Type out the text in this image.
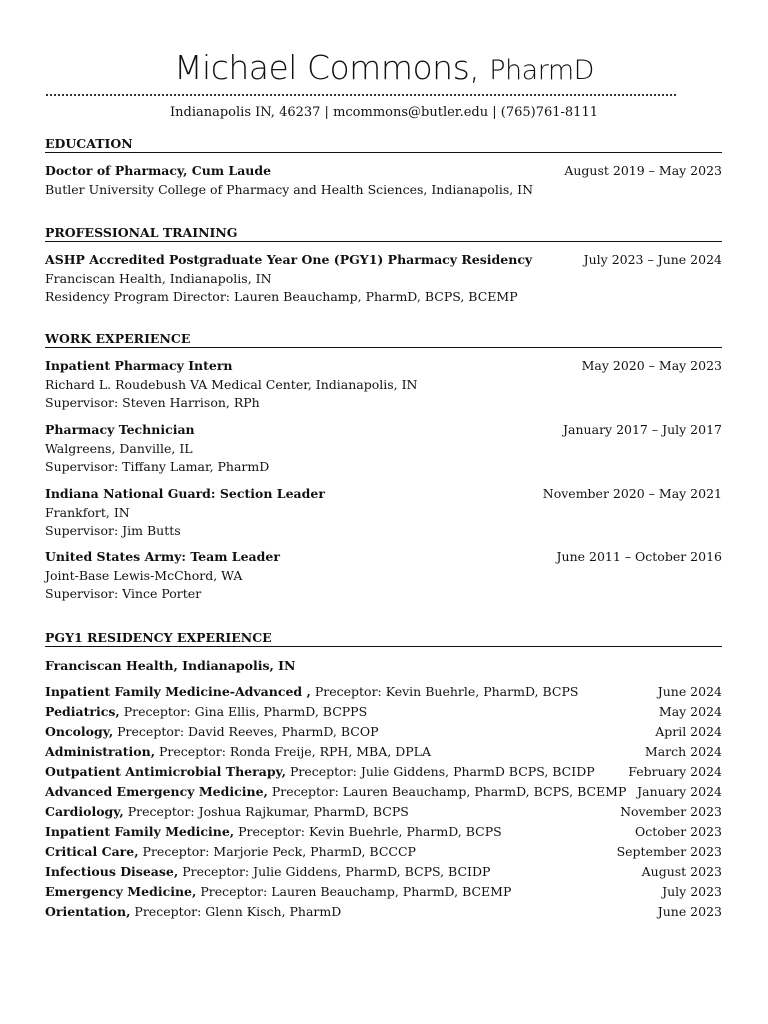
Michael Commons, PharmD
Indianapolis IN, 46237 | mcommons@butler.edu | (765)761-8111
EDUCATION
Doctor of Pharmacy, Cum Laude	August 2019 – May 2023
Butler University College of Pharmacy and Health Sciences, Indianapolis, IN
PROFESSIONAL TRAINING
ASHP Accredited Postgraduate Year One (PGY1) Pharmacy Residency	July 2023 – June 2024
Franciscan Health, Indianapolis, IN
Residency Program Director: Lauren Beauchamp, PharmD, BCPS, BCEMP
WORK EXPERIENCE
Inpatient Pharmacy Intern	May 2020 – May 2023
Richard L. Roudebush VA Medical Center, Indianapolis, IN
Supervisor: Steven Harrison, RPh
Pharmacy Technician	January 2017 – July 2017
Walgreens, Danville, IL
Supervisor: Tiffany Lamar, PharmD
Indiana National Guard: Section Leader	November 2020 – May 2021
Frankfort, IN
Supervisor: Jim Butts
United States Army: Team Leader	June 2011 – October 2016
Joint-Base Lewis-McChord, WA
Supervisor: Vince Porter
PGY1 RESIDENCY EXPERIENCE
Franciscan Health, Indianapolis, IN
Inpatient Family Medicine-Advanced , Preceptor: Kevin Buehrle, PharmD, BCPS	June 2024
Pediatrics, Preceptor: Gina Ellis, PharmD, BCPPS	May 2024
Oncology, Preceptor: David Reeves, PharmD, BCOP	April 2024
Administration, Preceptor: Ronda Freije, RPH, MBA, DPLA	March 2024
Outpatient Antimicrobial Therapy, Preceptor: Julie Giddens, PharmD BCPS, BCIDP	February 2024
Advanced Emergency Medicine, Preceptor: Lauren Beauchamp, PharmD, BCPS, BCEMP January 2024
Cardiology, Preceptor: Joshua Rajkumar, PharmD, BCPS	November 2023
Inpatient Family Medicine, Preceptor: Kevin Buehrle, PharmD, BCPS	October 2023
Critical Care, Preceptor: Marjorie Peck, PharmD, BCCCP	September 2023
Infectious Disease, Preceptor: Julie Giddens, PharmD, BCPS, BCIDP	August 2023
Emergency Medicine, Preceptor: Lauren Beauchamp, PharmD, BCEMP	July 2023
Orientation, Preceptor: Glenn Kisch, PharmD	June 2023
